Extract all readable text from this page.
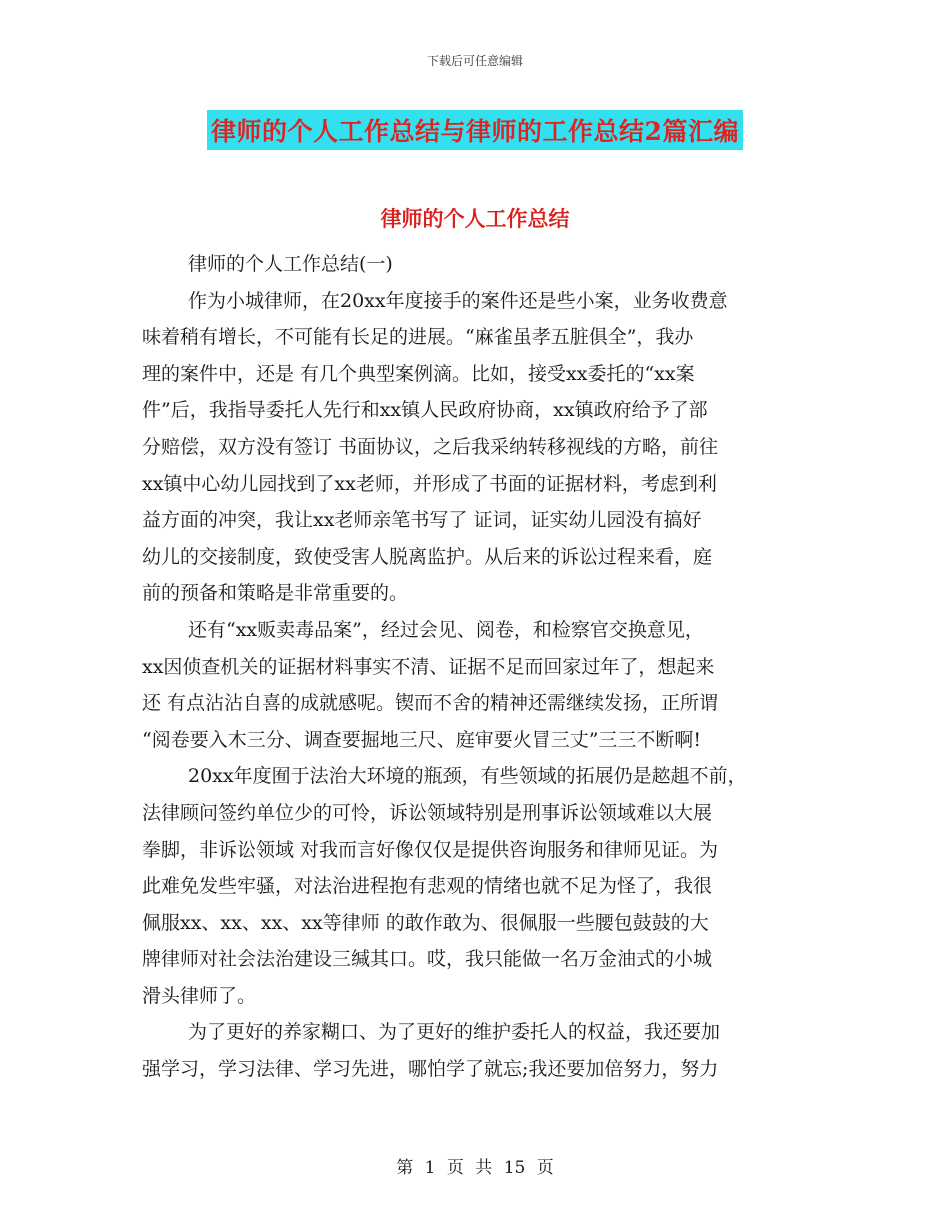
下载后可任意编辑
律师的个人工作总结与律师的工作总结2篇汇编
律师的个人工作总结
律师的个人工作总结(一)
作为小城律师，在20xx年度接手的案件还是些小案，业务收费意
味着稍有增长，不可能有长足的进展。“麻雀虽孝五脏俱全”，我办
理的案件中，还是 有几个典型案例滴。比如，接受xx委托的“xx案
件”后，我指导委托人先行和xx镇人民政府协商，xx镇政府给予了部
分赔偿，双方没有签订 书面协议，之后我采纳转移视线的方略，前往
xx镇中心幼儿园找到了xx老师，并形成了书面的证据材料，考虑到利
益方面的冲突，我让xx老师亲笔书写了 证词，证实幼儿园没有搞好
幼儿的交接制度，致使受害人脱离监护。从后来的诉讼过程来看，庭
前的预备和策略是非常重要的。
还有“xx贩卖毒品案”，经过会见、阅卷，和检察官交换意见，
xx因侦查机关的证据材料事实不清、证据不足而回家过年了，想起来
还 有点沾沾自喜的成就感呢。锲而不舍的精神还需继续发扬，正所谓
“阅卷要入木三分、调查要掘地三尺、庭审要火冒三丈”三三不断啊!
20xx年度囿于法治大环境的瓶颈，有些领域的拓展仍是趑趄不前，
法律顾问签约单位少的可怜，诉讼领域特别是刑事诉讼领域难以大展
拳脚，非诉讼领域 对我而言好像仅仅是提供咨询服务和律师见证。为
此难免发些牢骚，对法治进程抱有悲观的情绪也就不足为怪了，我很
佩服xx、xx、xx、xx等律师 的敢作敢为、很佩服一些腰包鼓鼓的大
牌律师对社会法治建设三缄其口。哎，我只能做一名万金油式的小城
滑头律师了。
为了更好的养家糊口、为了更好的维护委托人的权益，我还要加
强学习，学习法律、学习先进，哪怕学了就忘;我还要加倍努力，努力
第 1 页 共 15 页
